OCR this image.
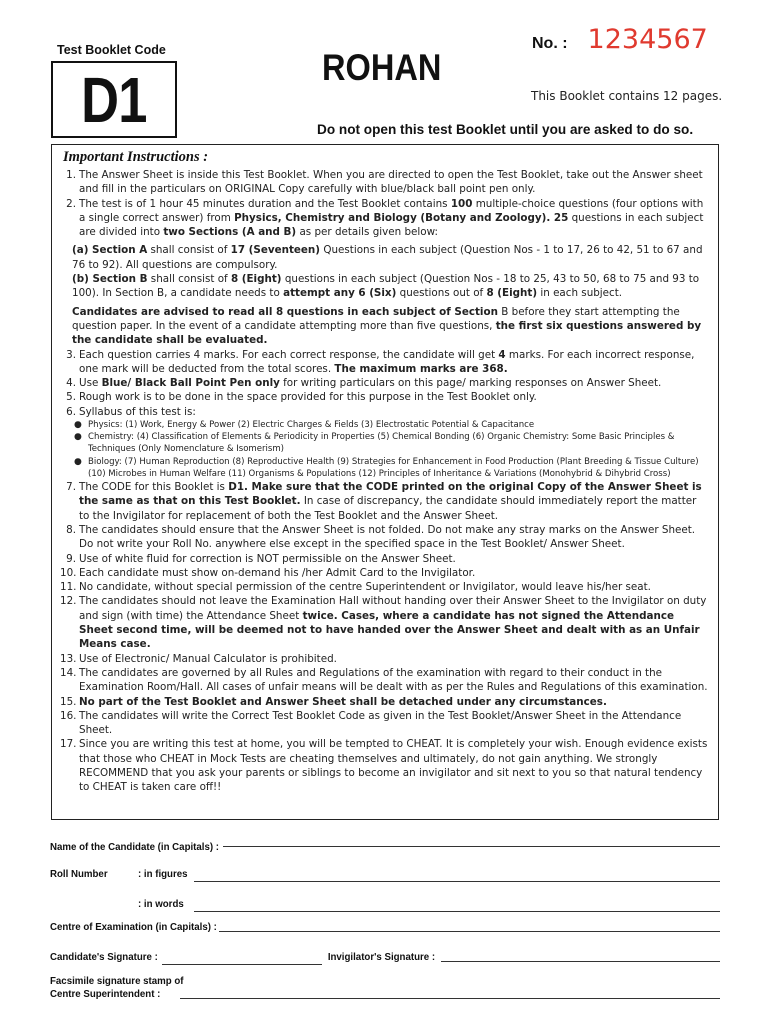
Test Booklet Code
D1	ROHAN
No. : 1234567
This Booklet contains 12 pages.
Do not open this test Booklet until you are asked to do so.
Important Instructions :
1. The Answer Sheet is inside this Test Booklet. When you are directed to open the Test Booklet, take out the Answer sheet and fill in the particulars on ORIGINAL Copy carefully with blue/black ball point pen only.
2. The test is of 1 hour 45 minutes duration and the Test Booklet contains 100 multiple-choice questions (four options with a single correct answer) from Physics, Chemistry and Biology (Botany and Zoology). 25 questions in each subject are divided into two Sections (A and B) as per details given below:
(a) Section A shall consist of 17 (Seventeen) Questions in each subject (Question Nos - 1 to 17, 26 to 42, 51 to 67 and 76 to 92). All questions are compulsory.
(b) Section B shall consist of 8 (Eight) questions in each subject (Question Nos - 18 to 25, 43 to 50, 68 to 75 and 93 to 100). In Section B, a candidate needs to attempt any 6 (Six) questions out of 8 (Eight) in each subject.
Candidates are advised to read all 8 questions in each subject of Section B before they start attempting the question paper. In the event of a candidate attempting more than five questions, the first six questions answered by the candidate shall be evaluated.
3. Each question carries 4 marks. For each correct response, the candidate will get 4 marks. For each incorrect response, one mark will be deducted from the total scores. The maximum marks are 368.
4. Use Blue/ Black Ball Point Pen only for writing particulars on this page/ marking responses on Answer Sheet.
5. Rough work is to be done in the space provided for this purpose in the Test Booklet only.
6. Syllabus of this test is:
● Physics: (1) Work, Energy & Power (2) Electric Charges & Fields (3) Electrostatic Potential & Capacitance
● Chemistry: (4) Classification of Elements & Periodicity in Properties (5) Chemical Bonding (6) Organic Chemistry: Some Basic Principles & Techniques (Only Nomenclature & Isomerism)
● Biology: (7) Human Reproduction (8) Reproductive Health (9) Strategies for Enhancement in Food Production (Plant Breeding & Tissue Culture) (10) Microbes in Human Welfare (11) Organisms & Populations (12) Principles of Inheritance & Variations (Monohybrid & Dihybrid Cross)
7. The CODE for this Booklet is D1. Make sure that the CODE printed on the original Copy of the Answer Sheet is the same as that on this Test Booklet. In case of discrepancy, the candidate should immediately report the matter to the Invigilator for replacement of both the Test Booklet and the Answer Sheet.
8. The candidates should ensure that the Answer Sheet is not folded. Do not make any stray marks on the Answer Sheet. Do not write your Roll No. anywhere else except in the specified space in the Test Booklet/ Answer Sheet.
9. Use of white fluid for correction is NOT permissible on the Answer Sheet.
10. Each candidate must show on-demand his /her Admit Card to the Invigilator.
11. No candidate, without special permission of the centre Superintendent or Invigilator, would leave his/her seat.
12. The candidates should not leave the Examination Hall without handing over their Answer Sheet to the Invigilator on duty and sign (with time) the Attendance Sheet twice. Cases, where a candidate has not signed the Attendance Sheet second time, will be deemed not to have handed over the Answer Sheet and dealt with as an Unfair Means case.
13. Use of Electronic/ Manual Calculator is prohibited.
14. The candidates are governed by all Rules and Regulations of the examination with regard to their conduct in the Examination Room/Hall. All cases of unfair means will be dealt with as per the Rules and Regulations of this examination.
15. No part of the Test Booklet and Answer Sheet shall be detached under any circumstances.
16. The candidates will write the Correct Test Booklet Code as given in the Test Booklet/Answer Sheet in the Attendance Sheet.
17. Since you are writing this test at home, you will be tempted to CHEAT. It is completely your wish. Enough evidence exists that those who CHEAT in Mock Tests are cheating themselves and ultimately, do not gain anything. We strongly RECOMMEND that you ask your parents or siblings to become an invigilator and sit next to you so that natural tendency to CHEAT is taken care off!!
Name of the Candidate (in Capitals) :
Roll Number	: in figures
: in words
Centre of Examination (in Capitals) :
Candidate's Signature :	Invigilator's Signature :
Facsimile signature stamp of
Centre Superintendent :
